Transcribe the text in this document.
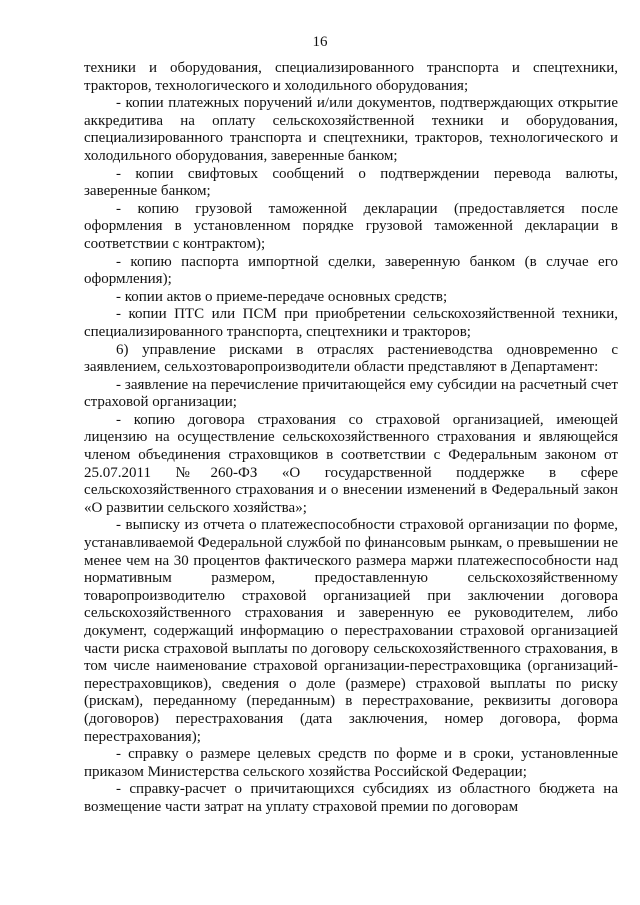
16

техники и оборудования, специализированного транспорта и спецтехники, тракторов, технологического и холодильного оборудования;

- копии платежных поручений и/или документов, подтверждающих открытие аккредитива на оплату сельскохозяйственной техники и оборудования, специализированного транспорта и спецтехники, тракторов, технологического и холодильного оборудования, заверенные банком;

- копии свифтовых сообщений о подтверждении перевода валюты, заверенные банком;

- копию грузовой таможенной декларации (предоставляется после оформления в установленном порядке грузовой таможенной декларации в соответствии с контрактом);

- копию паспорта импортной сделки, заверенную банком (в случае его оформления);

- копии актов о приеме-передаче основных средств;

- копии ПТС или ПСМ при приобретении сельскохозяйственной техники, специализированного транспорта, спецтехники и тракторов;

6) управление рисками в отраслях растениеводства одновременно с заявлением, сельхозтоваропроизводители области представляют в Департамент:

- заявление на перечисление причитающейся ему субсидии на расчетный счет страховой организации;

- копию договора страхования со страховой организацией, имеющей лицензию на осуществление сельскохозяйственного страхования и являющейся членом объединения страховщиков в соответствии с Федеральным законом от 25.07.2011 №260-ФЗ «О государственной поддержке в сфере сельскохозяйственного страхования и о внесении изменений в Федеральный закон «О развитии сельского хозяйства»;

- выписку из отчета о платежеспособности страховой организации по форме, устанавливаемой Федеральной службой по финансовым рынкам, о превышении не менее чем на 30 процентов фактического размера маржи платежеспособности над нормативным размером, предоставленную сельскохозяйственному товаропроизводителю страховой организацией при заключении договора сельскохозяйственного страхования и заверенную ее руководителем, либо документ, содержащий информацию о перестраховании страховой организацией части риска страховой выплаты по договору сельскохозяйственного страхования, в том числе наименование страховой организации-перестраховщика (организаций-перестраховщиков), сведения о доле (размере) страховой выплаты по риску (рискам), переданному (переданным) в перестрахование, реквизиты договора (договоров) перестрахования (дата заключения, номер договора, форма перестрахования);

- справку о размере целевых средств по форме и в сроки, установленные приказом Министерства сельского хозяйства Российской Федерации;

- справку-расчет о причитающихся субсидиях из областного бюджета на возмещение части затрат на уплату страховой премии по договорам
